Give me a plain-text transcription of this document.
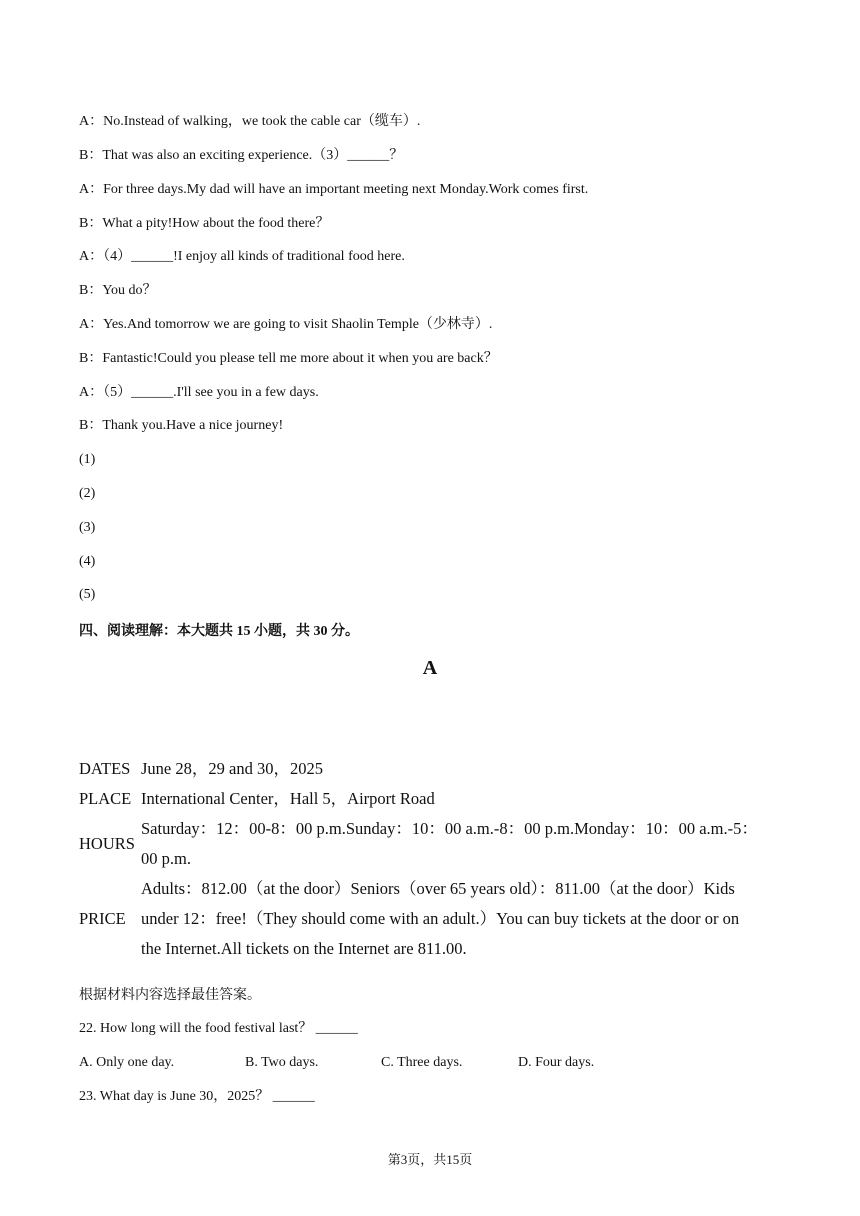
A：No.Instead of walking，we took the cable car（缆车）.
B：That was also an exciting experience.（3）______？
A：For three days.My dad will have an important meeting next Monday.Work comes first.
B：What a pity!How about the food there？
A：（4）______!I enjoy all kinds of traditional food here.
B：You do？
A：Yes.And tomorrow we are going to visit Shaolin Temple（少林寺）.
B：Fantastic!Could you please tell me more about it when you are back？
A：（5）______.I'll see you in a few days.
B：Thank you.Have a nice journey!
(1)
(2)
(3)
(4)
(5)
四、阅读理解：本大题共 15 小题，共 30 分。
A
DATES	June 28，29 and 30，2025
PLACE	International Center，Hall 5，Airport Road
HOURS	Saturday：12：00-8：00 p.m.Sunday：10：00 a.m.-8：00 p.m.Monday：10：00 a.m.-5：00 p.m.
PRICE	Adults：812.00（at the door）Seniors（over 65 years old）：811.00（at the door）Kids under 12：free!（They should come with an adult.）You can buy tickets at the door or on the Internet.All tickets on the Internet are 811.00.
根据材料内容选择最佳答案。
22. How long will the food festival last？ ______
A. Only one day.	B. Two days.	C. Three days.	D. Four days.
23. What day is June 30，2025？ ______
第3页，共15页
